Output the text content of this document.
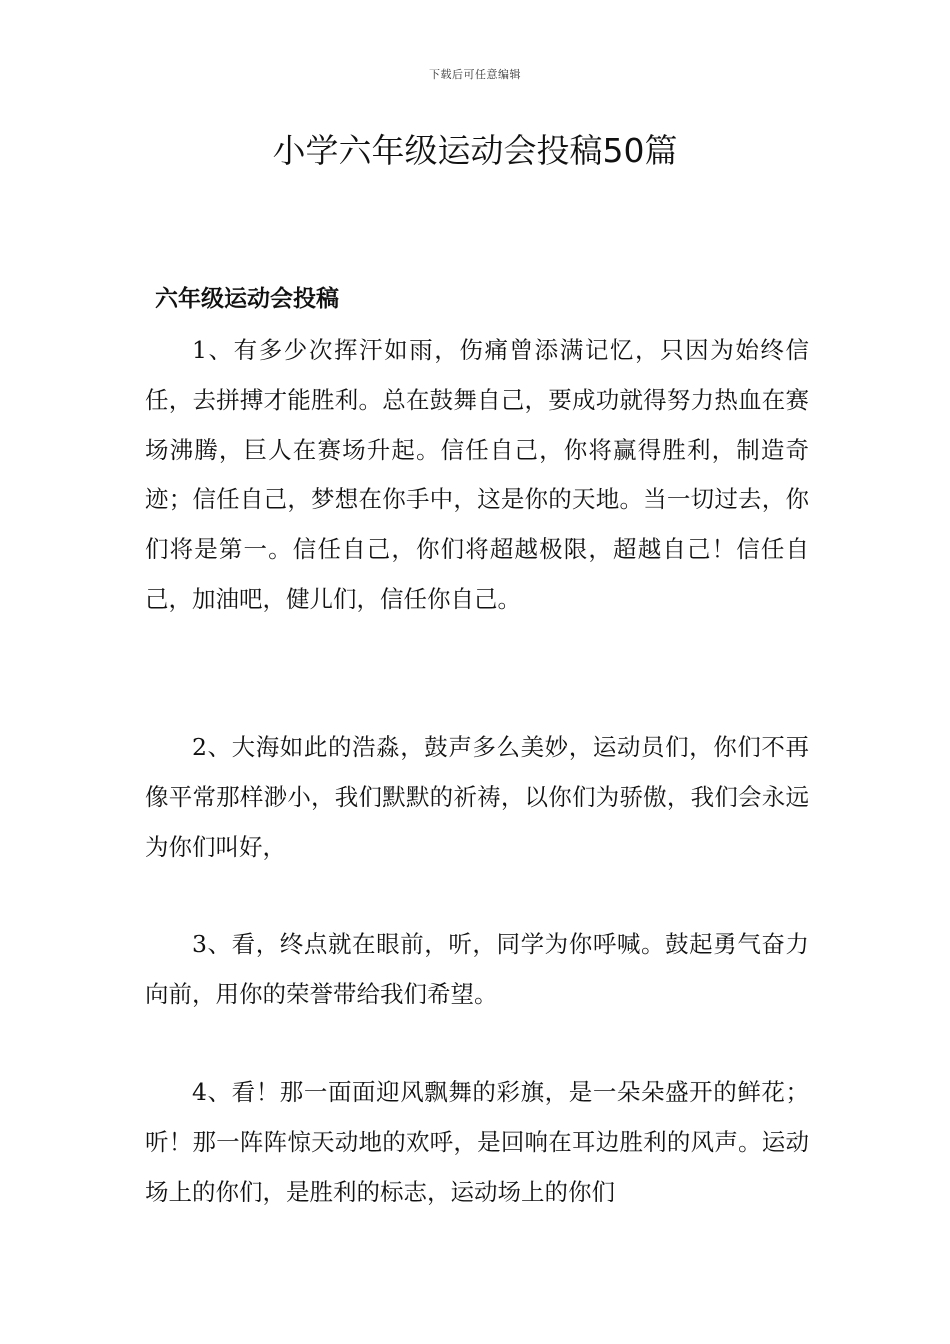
下载后可任意编辑
小学六年级运动会投稿50篇
六年级运动会投稿

1、有多少次挥汗如雨，伤痛曾添满记忆，只因为始终信任，去拼搏才能胜利。总在鼓舞自己，要成功就得努力热血在赛场沸腾，巨人在赛场升起。信任自己，你将赢得胜利，制造奇迹；信任自己，梦想在你手中，这是你的天地。当一切过去，你们将是第一。信任自己，你们将超越极限，超越自己！信任自己，加油吧，健儿们，信任你自己。

2、大海如此的浩淼，鼓声多么美妙，运动员们，你们不再像平常那样渺小，我们默默的祈祷，以你们为骄傲，我们会永远为你们叫好，

3、看，终点就在眼前，听，同学为你呼喊。鼓起勇气奋力向前，用你的荣誉带给我们希望。

4、看！那一面面迎风飘舞的彩旗，是一朵朵盛开的鲜花；听！那一阵阵惊天动地的欢呼，是回响在耳边胜利的风声。运动场上的你们，是胜利的标志，运动场上的你们
